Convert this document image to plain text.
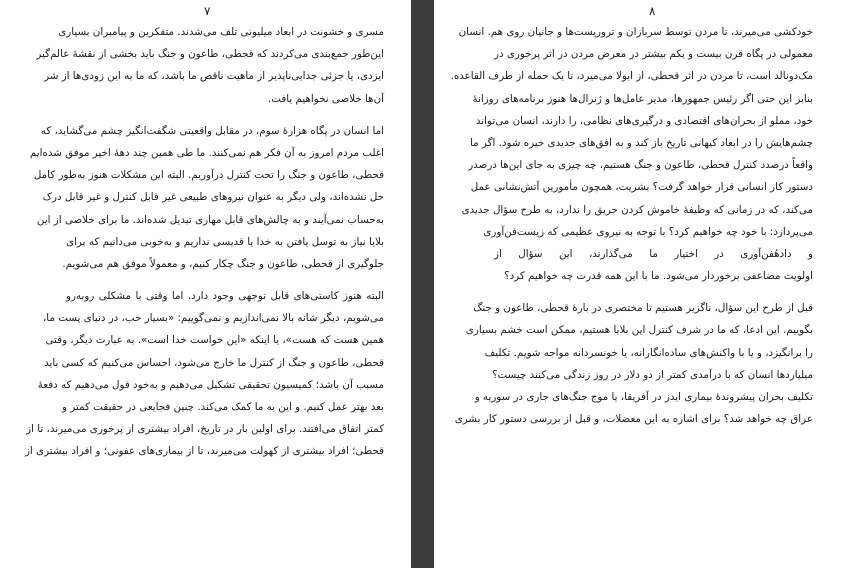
۷
مسری و خشونت در ابعاد میلیونی تلف می‌شدند. متفکرین و پیامبران بسیاری
این‌طور جمع‌بندی می‌کردند که قحطی، طاعون و جنگ باید بخشی از نقشهٔ عالم‌گیر
ایزدی، یا جزئی جدایی‌ناپذیر از ماهیت ناقص ما باشد، که ما به این زودی‌ها از شر
آن‌ها خلاصی نخواهیم یافت.
اما انسان در پگاه هزارهٔ سوم، در مقابل واقعیتی شگفت‌انگیز چشم می‌گشاید، که
اغلب مردم امروز به آن فکر هم نمی‌کنند. ما طی همین چند دههٔ اخیر موفق شده‌ایم
قحطی، طاعون و جنگ را تحت کنترل درآوریم. البته این مشکلات هنوز به‌طور کامل
حل نشده‌اند، ولی دیگر به عنوان نیروهای طبیعی غیر قابل کنترل و غیر قابل درک
به‌حساب نمی‌آیند و به چالش‌های قابل مهاری تبدیل شده‌اند. ما برای خلاصی از این
بلایا نیاز به توسل یافتن به خدا یا قدیسی نداریم و به‌خوبی می‌دانیم که برای
جلوگیری از قحطی، طاعون و جنگ چکار کنیم، و معمولاً موفق هم می‌شویم.
البته هنوز کاستی‌های قابل توجهی وجود دارد. اما وقتی با مشکلی روبه‌رو
می‌شویم، دیگر شانه بالا نمی‌اندازیم و نمی‌گوییم: «بسیار خب، در دنیای پست ما،
همین هست که هست»، یا اینکه «این خواست خدا است». به عبارت دیگر، وقتی
قحطی، طاعون و جنگ از کنترل ما خارج می‌شود، احساس می‌کنیم که کسی باید
مسبب آن باشد؛ کمیسیون تحقیقی تشکیل می‌دهیم و به‌خود قول می‌دهیم که دفعهٔ
بعد بهتر عمل کنیم. و این به ما کمک می‌کند. چنین فجایعی در حقیقت کمتر و
کمتر اتفاق می‌افتند. برای اولین بار در تاریخ، افراد بیشتری از پرخوری می‌میرند، تا از
قحطی؛ افراد بیشتری از کهولت می‌میرند، تا از بیماری‌های عفونی؛ و افراد بیشتری از
۸
خودکشی می‌میرند، تا مردن توسط سربازان و تروریست‌ها و جانیان روی هم. انسان
معمولی در پگاه قرن بیست و یکم بیشتر در معرض مردن در اثر پرخوری در
مک‌دونالد است، تا مردن در اثر قحطی، از ابولا می‌میرد، تا یک حمله از طرف القاعده.
بنابر این حتی اگر رئیس جمهورها، مدیر عامل‌ها و ژنرال‌ها هنوز برنامه‌های روزانهٔ
خود، مملو از بحران‌های اقتصادی و درگیری‌های نظامی، را دارند، انسان می‌تواند
چشم‌هایش را در ابعاد کیهانی تاریخ باز کند و به افق‌های جدیدی خیره شود. اگر ما
واقعاً درصدد کنترل قحطی، طاعون و جنگ هستیم، چه چیزی به جای این‌ها درصدر
دستور کار انسانی قرار خواهد گرفت؟ بشریت، همچون مأمورین آتش‌نشانی عمل
می‌کند، که در زمانی که وظیفهٔ خاموش کردن حریق را ندارد، به طرح سؤال جدیدی
می‌پردازد: با خود چه خواهیم کرد؟ با توجه به نیروی عظیمی که زیست‌فن‌آوری
و دادهٔفن‌آوری در اختیار ما می‌گذارند، این سؤال از
اولویت مضاعفی برخوردار می‌شود. ما با این همه قدرت چه خواهیم کرد؟
قبل از طرح این سؤال، ناگزیر هستیم تا مختصری در بارهٔ قحطی، طاعون و جنگ
بگوییم. این ادعا، که ما در شرف کنترل این بلایا هستیم، ممکن است خشم بسیاری
را برانگیزد، و یا با واکنش‌های ساده‌انگارانه، یا خونسردانه مواجه شویم. تکلیف
میلیاردها انسان که با درآمدی کمتر از دو دلار در روز زندگی می‌کنند چیست؟
تکلیف بحران پیشروندهٔ بیماری ایدز در آفریقا، یا موج جنگ‌های جاری در سوریه و
عراق چه خواهد شد؟ برای اشاره به این معضلات، و قبل از بررسی دستور کار بشری
